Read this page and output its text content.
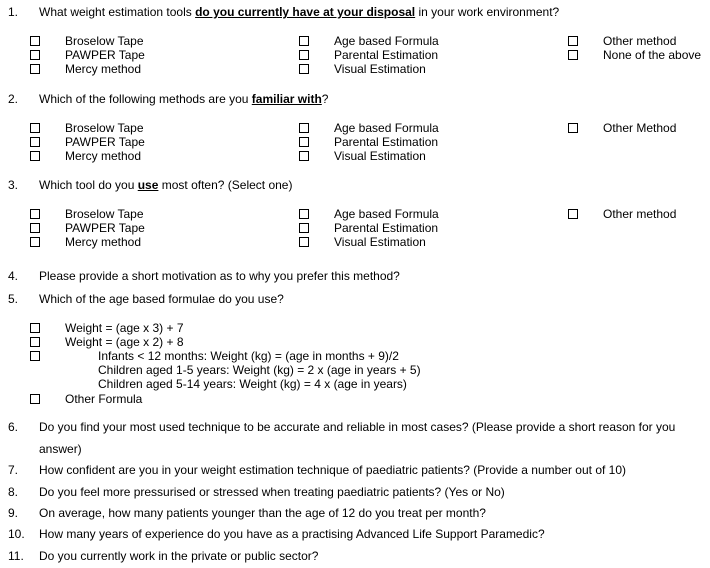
1. What weight estimation tools do you currently have at your disposal in your work environment?
Broselow Tape
PAWPER Tape
Mercy method
Age based Formula
Parental Estimation
Visual Estimation
Other method
None of the above
2. Which of the following methods are you familiar with?
Broselow Tape
PAWPER Tape
Mercy method
Age based Formula
Parental Estimation
Visual Estimation
Other Method
3. Which tool do you use most often? (Select one)
Broselow Tape
PAWPER Tape
Mercy method
Age based Formula
Parental Estimation
Visual Estimation
Other method
4. Please provide a short motivation as to why you prefer this method?
5. Which of the age based formulae do you use?
Weight = (age x 3) + 7
Weight = (age x 2) + 8
Infants < 12 months: Weight (kg) = (age in months + 9)/2
Children aged 1-5 years: Weight (kg) = 2 x (age in years + 5)
Children aged 5-14 years: Weight (kg) = 4 x (age in years)
Other Formula
6. Do you find your most used technique to be accurate and reliable in most cases? (Please provide a short reason for you
answer)
7. How confident are you in your weight estimation technique of paediatric patients? (Provide a number out of 10)
8. Do you feel more pressurised or stressed when treating paediatric patients? (Yes or No)
9. On average, how many patients younger than the age of 12 do you treat per month?
10. How many years of experience do you have as a practising Advanced Life Support Paramedic?
11. Do you currently work in the private or public sector?
